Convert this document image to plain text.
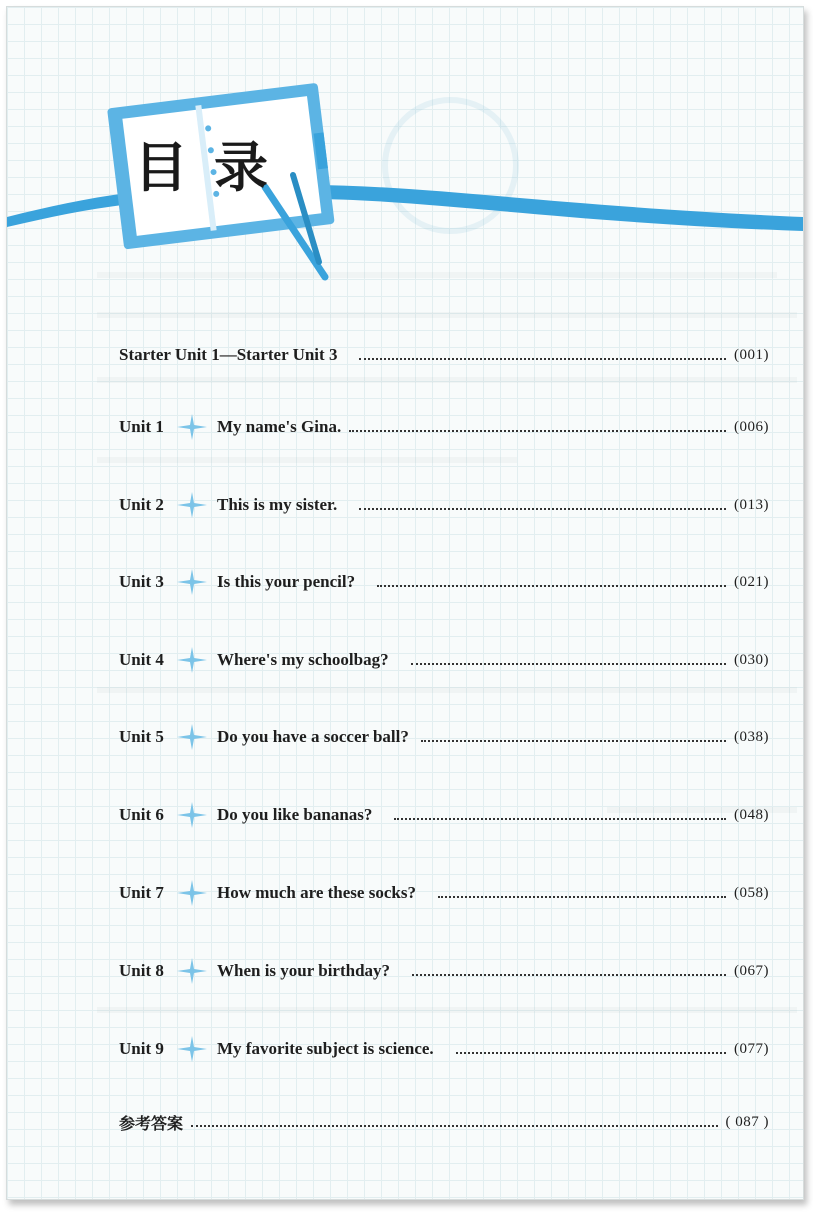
目录
Starter Unit 1—Starter Unit 3	(001)
Unit 1	My name's Gina.	(006)
Unit 2	This is my sister.	(013)
Unit 3	Is this your pencil?	(021)
Unit 4	Where's my schoolbag?	(030)
Unit 5	Do you have a soccer ball?	(038)
Unit 6	Do you like bananas?	(048)
Unit 7	How much are these socks?	(058)
Unit 8	When is your birthday?	(067)
Unit 9	My favorite subject is science.	(077)
参考答案	( 087 )
